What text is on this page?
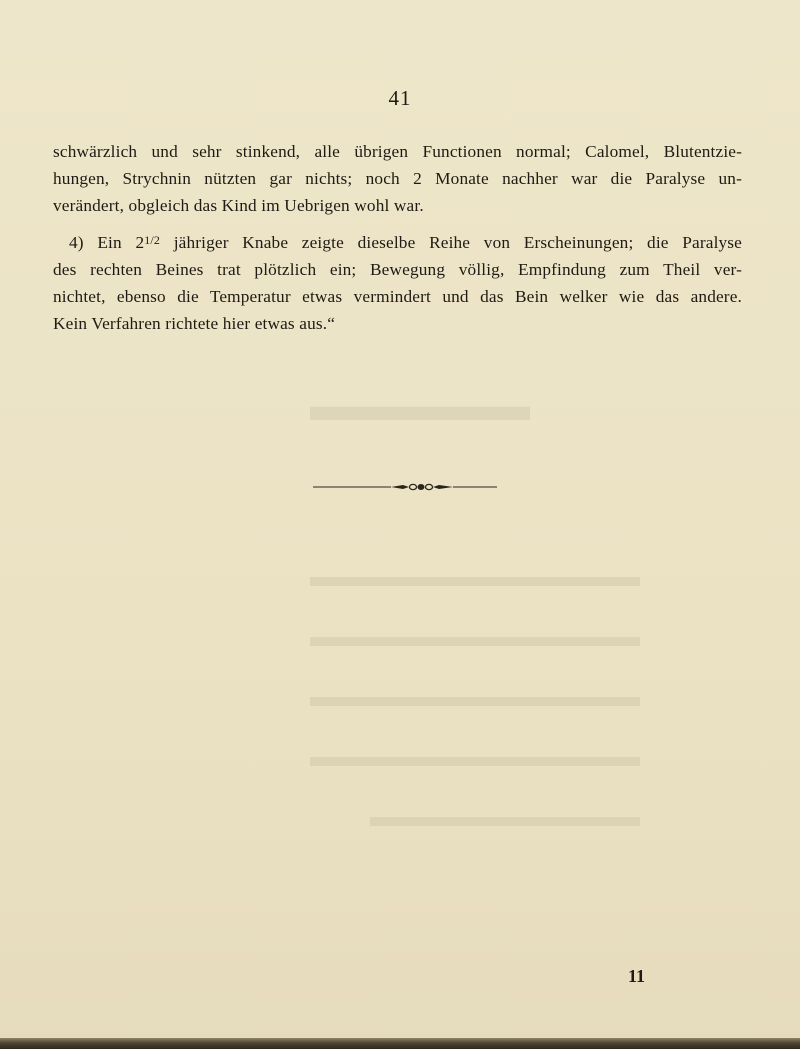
41
schwärzlich und sehr stinkend, alle übrigen Functionen normal; Calomel, Blutentzie-
hungen, Strychnin nützten gar nichts; noch 2 Monate nachher war die Paralyse un-
verändert, obgleich das Kind im Uebrigen wohl war.
4) Ein $2^{1/2}$ jähriger Knabe zeigte dieselbe Reihe von Erscheinungen; die Paralyse
des rechten Beines trat plötzlich ein; Bewegung völlig, Empfindung zum Theil ver-
nichtet, ebenso die Temperatur etwas vermindert und das Bein welker wie das andere.
Kein Verfahren richtete hier etwas aus.“
▬▬▬▬▬
▬▬▬▬▬▬▬▬▬▬▬
▬▬▬▬▬▬▬▬▬▬▬
▬▬▬▬▬▬▬▬▬▬▬
▬▬▬▬▬▬▬▬▬▬▬
▬▬▬▬▬▬▬▬▬
11
